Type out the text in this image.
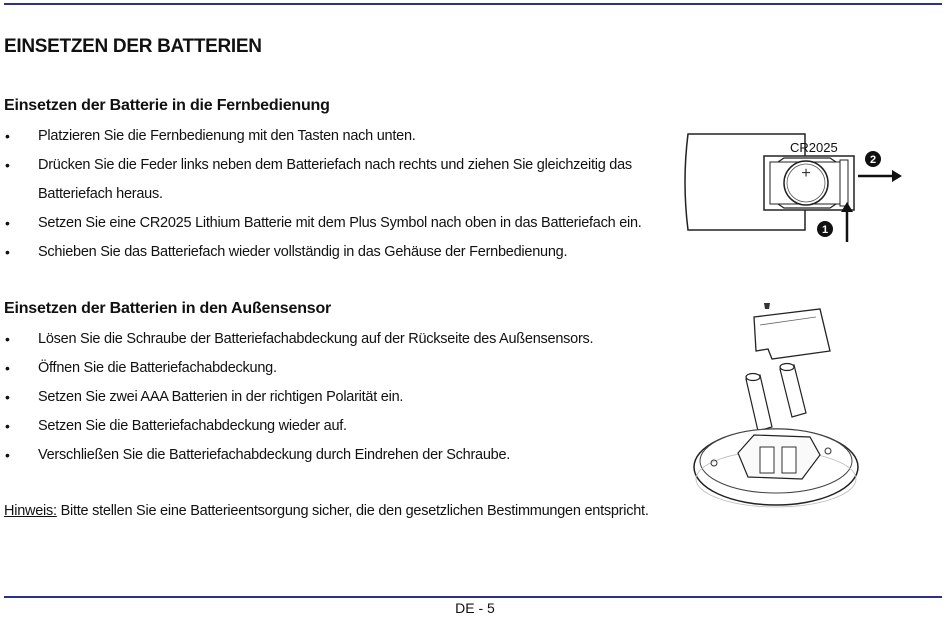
EINSETZEN DER BATTERIEN
Einsetzen der Batterie in die Fernbedienung
• Platzieren Sie die Fernbedienung mit den Tasten nach unten.
• Drücken Sie die Feder links neben dem Batteriefach nach rechts und ziehen Sie gleichzeitig das Batteriefach heraus.
• Setzen Sie eine CR2025 Lithium Batterie mit dem Plus Symbol nach oben in das Batteriefach ein.
• Schieben Sie das Batteriefach wieder vollständig in das Gehäuse der Fernbedienung.
+
CR2025
2
1
Einsetzen der Batterien in den Außensensor
• Lösen Sie die Schraube der Batteriefachabdeckung auf der Rückseite des Außensensors.
• Öffnen Sie die Batteriefachabdeckung.
• Setzen Sie zwei AAA Batterien in der richtigen Polarität ein.
• Setzen Sie die Batteriefachabdeckung wieder auf.
• Verschließen Sie die Batteriefachabdeckung durch Eindrehen der Schraube.
Hinweis: Bitte stellen Sie eine Batterieentsorgung sicher, die den gesetzlichen Bestimmungen entspricht.
DE - 5
